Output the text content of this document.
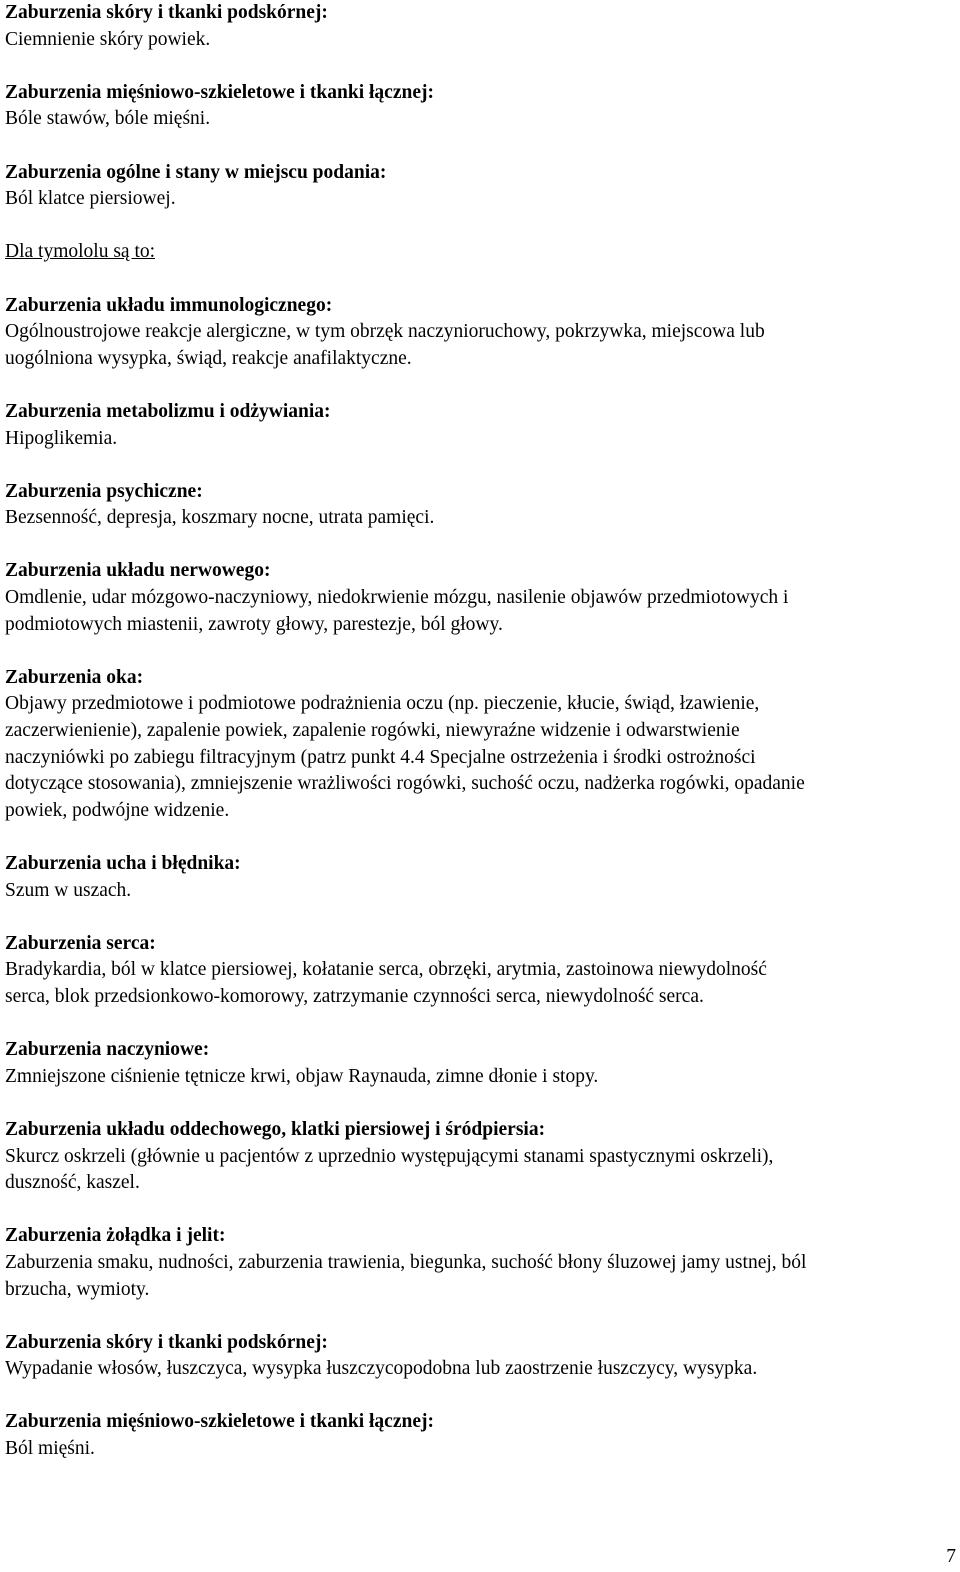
Zaburzenia skóry i tkanki podskórnej:
Ciemnienie skóry powiek.
Zaburzenia mięśniowo-szkieletowe i tkanki łącznej:
Bóle stawów, bóle mięśni.
Zaburzenia ogólne i stany w miejscu podania:
Ból klatce piersiowej.
Dla tymololu są to:
Zaburzenia układu immunologicznego:
Ogólnoustrojowe reakcje alergiczne, w tym obrzęk naczynioruchowy, pokrzywka, miejscowa lub
uogólniona wysypka, świąd, reakcje anafilaktyczne.
Zaburzenia metabolizmu i odżywiania:
Hipoglikemia.
Zaburzenia psychiczne:
Bezsenność, depresja, koszmary nocne, utrata pamięci.
Zaburzenia układu nerwowego:
Omdlenie, udar mózgowo-naczyniowy, niedokrwienie mózgu, nasilenie objawów przedmiotowych i
podmiotowych miastenii, zawroty głowy, parestezje, ból głowy.
Zaburzenia oka:
Objawy przedmiotowe i podmiotowe podrażnienia oczu (np. pieczenie, kłucie, świąd, łzawienie,
zaczerwienienie), zapalenie powiek, zapalenie rogówki, niewyraźne widzenie i odwarstwienie
naczyniówki po zabiegu filtracyjnym (patrz punkt 4.4 Specjalne ostrzeżenia i środki ostrożności
dotyczące stosowania), zmniejszenie wrażliwości rogówki, suchość oczu, nadżerka rogówki, opadanie
powiek, podwójne widzenie.
Zaburzenia ucha i błędnika:
Szum w uszach.
Zaburzenia serca:
Bradykardia, ból w klatce piersiowej, kołatanie serca, obrzęki, arytmia, zastoinowa niewydolność
serca, blok przedsionkowo-komorowy, zatrzymanie czynności serca, niewydolność serca.
Zaburzenia naczyniowe:
Zmniejszone ciśnienie tętnicze krwi, objaw Raynauda, zimne dłonie i stopy.
Zaburzenia układu oddechowego, klatki piersiowej i śródpiersia:
Skurcz oskrzeli (głównie u pacjentów z uprzednio występującymi stanami spastycznymi oskrzeli),
duszność, kaszel.
Zaburzenia żołądka i jelit:
Zaburzenia smaku, nudności, zaburzenia trawienia, biegunka, suchość błony śluzowej jamy ustnej, ból
brzucha, wymioty.
Zaburzenia skóry i tkanki podskórnej:
Wypadanie włosów, łuszczyca, wysypka łuszczycopodobna lub zaostrzenie łuszczycy, wysypka.
Zaburzenia mięśniowo-szkieletowe i tkanki łącznej:
Ból mięśni.
7
